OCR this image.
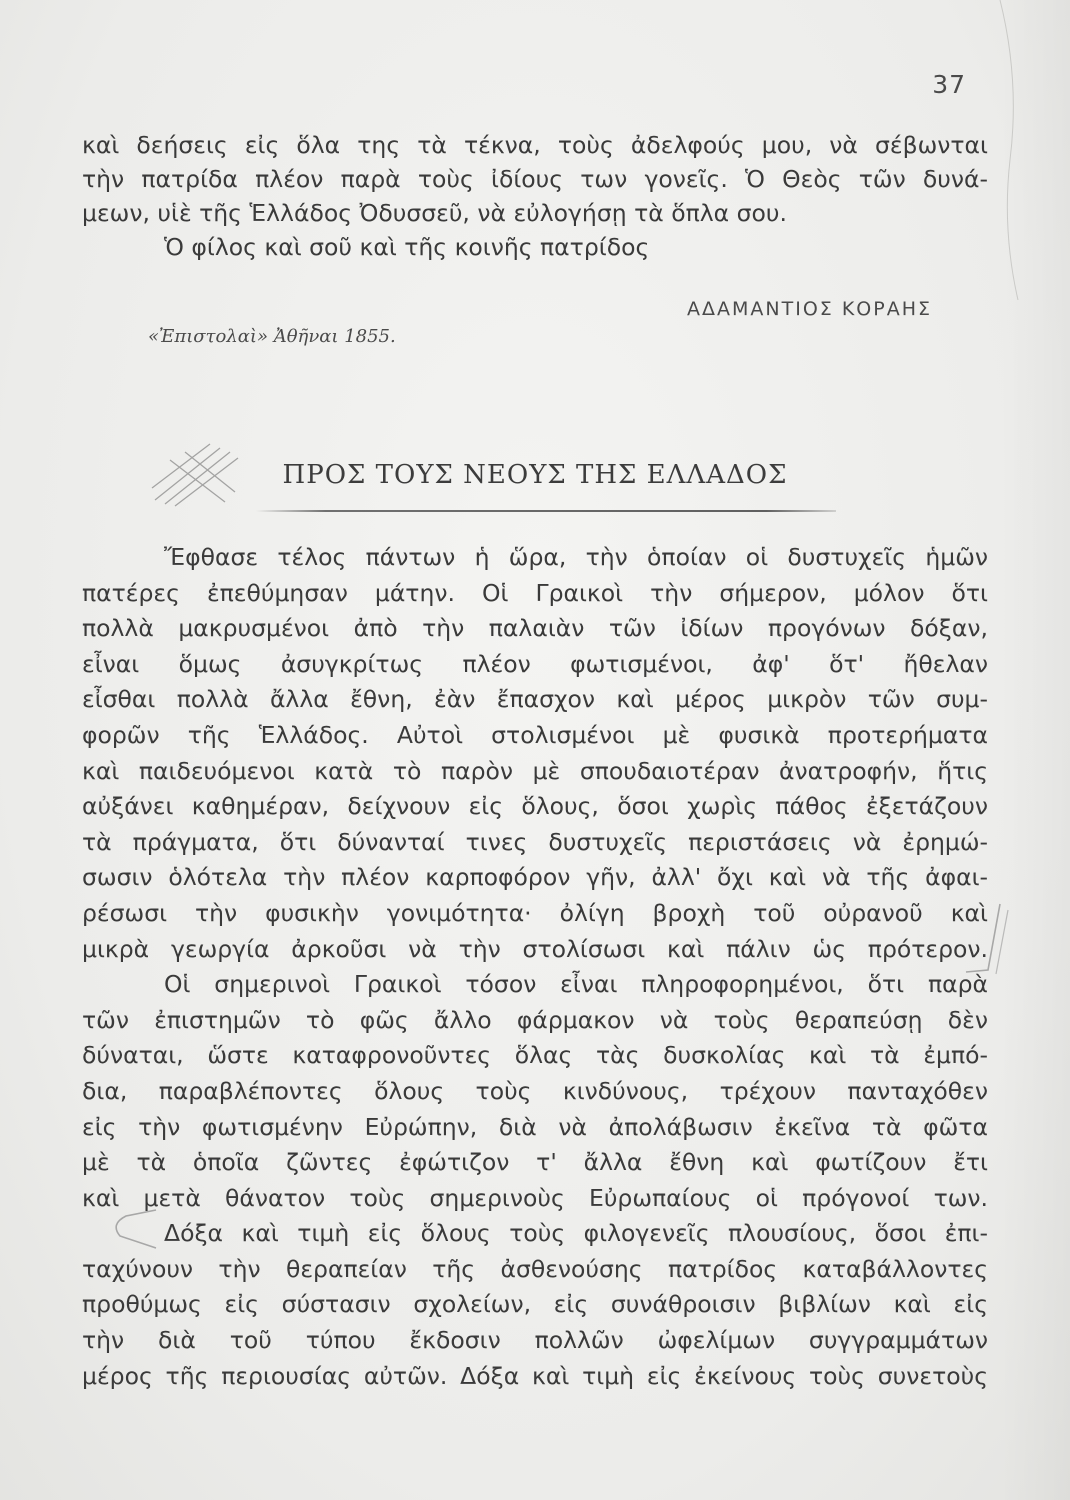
37
καὶ δεήσεις εἰς ὅλα της τὰ τέκνα, τοὺς ἀδελφούς μου, νὰ σέβωνται
τὴν πατρίδα πλέον παρὰ τοὺς ἰδίους των γονεῖς. Ὁ Θεὸς τῶν δυνά-
μεων, υἱὲ τῆς Ἑλλάδος Ὀδυσσεῦ, νὰ εὐλογήσῃ τὰ ὅπλα σου.
Ὁ φίλος καὶ σοῦ καὶ τῆς κοινῆς πατρίδος
ΑΔΑΜΑΝΤΙΟΣ ΚΟΡΑΗΣ
«Ἐπιστολαὶ» Ἀθῆναι 1855.
ΠΡΟΣ ΤΟΥΣ ΝΕΟΥΣ ΤΗΣ ΕΛΛΑΔΟΣ
Ἔφθασε τέλος πάντων ἡ ὥρα, τὴν ὁποίαν οἱ δυστυχεῖς ἡμῶν
πατέρες ἐπεθύμησαν μάτην. Οἱ Γραικοὶ τὴν σήμερον, μόλον ὅτι
πολλὰ μακρυσμένοι ἀπὸ τὴν παλαιὰν τῶν ἰδίων προγόνων δόξαν,
εἶναι ὅμως ἀσυγκρίτως πλέον φωτισμένοι, ἀφ' ὅτ' ἤθελαν
εἶσθαι πολλὰ ἄλλα ἔθνη, ἐὰν ἔπασχον καὶ μέρος μικρὸν τῶν συμ-
φορῶν τῆς Ἑλλάδος. Αὐτοὶ στολισμένοι μὲ φυσικὰ προτερήματα
καὶ παιδευόμενοι κατὰ τὸ παρὸν μὲ σπουδαιοτέραν ἀνατροφήν, ἥτις
αὐξάνει καθημέραν, δείχνουν εἰς ὅλους, ὅσοι χωρὶς πάθος ἐξετάζουν
τὰ πράγματα, ὅτι δύνανταί τινες δυστυχεῖς περιστάσεις νὰ ἐρημώ-
σωσιν ὁλότελα τὴν πλέον καρποφόρον γῆν, ἀλλ' ὄχι καὶ νὰ τῆς ἀφαι-
ρέσωσι τὴν φυσικὴν γονιμότητα· ὀλίγη βροχὴ τοῦ οὐρανοῦ καὶ
μικρὰ γεωργία ἀρκοῦσι νὰ τὴν στολίσωσι καὶ πάλιν ὡς πρότερον.
Οἱ σημερινοὶ Γραικοὶ τόσον εἶναι πληροφορημένοι, ὅτι παρὰ
τῶν ἐπιστημῶν τὸ φῶς ἄλλο φάρμακον νὰ τοὺς θεραπεύσῃ δὲν
δύναται, ὥστε καταφρονοῦντες ὅλας τὰς δυσκολίας καὶ τὰ ἐμπό-
δια, παραβλέποντες ὅλους τοὺς κινδύνους, τρέχουν πανταχόθεν
εἰς τὴν φωτισμένην Εὐρώπην, διὰ νὰ ἀπολάβωσιν ἐκεῖνα τὰ φῶτα
μὲ τὰ ὁποῖα ζῶντες ἐφώτιζον τ' ἄλλα ἔθνη καὶ φωτίζουν ἔτι
καὶ μετὰ θάνατον τοὺς σημερινοὺς Εὐρωπαίους οἱ πρόγονοί των.
Δόξα καὶ τιμὴ εἰς ὅλους τοὺς φιλογενεῖς πλουσίους, ὅσοι ἐπι-
ταχύνουν τὴν θεραπείαν τῆς ἀσθενούσης πατρίδος καταβάλλοντες
προθύμως εἰς σύστασιν σχολείων, εἰς συνάθροισιν βιβλίων καὶ εἰς
τὴν διὰ τοῦ τύπου ἔκδοσιν πολλῶν ὠφελίμων συγγραμμάτων
μέρος τῆς περιουσίας αὐτῶν. Δόξα καὶ τιμὴ εἰς ἐκείνους τοὺς συνετοὺς
